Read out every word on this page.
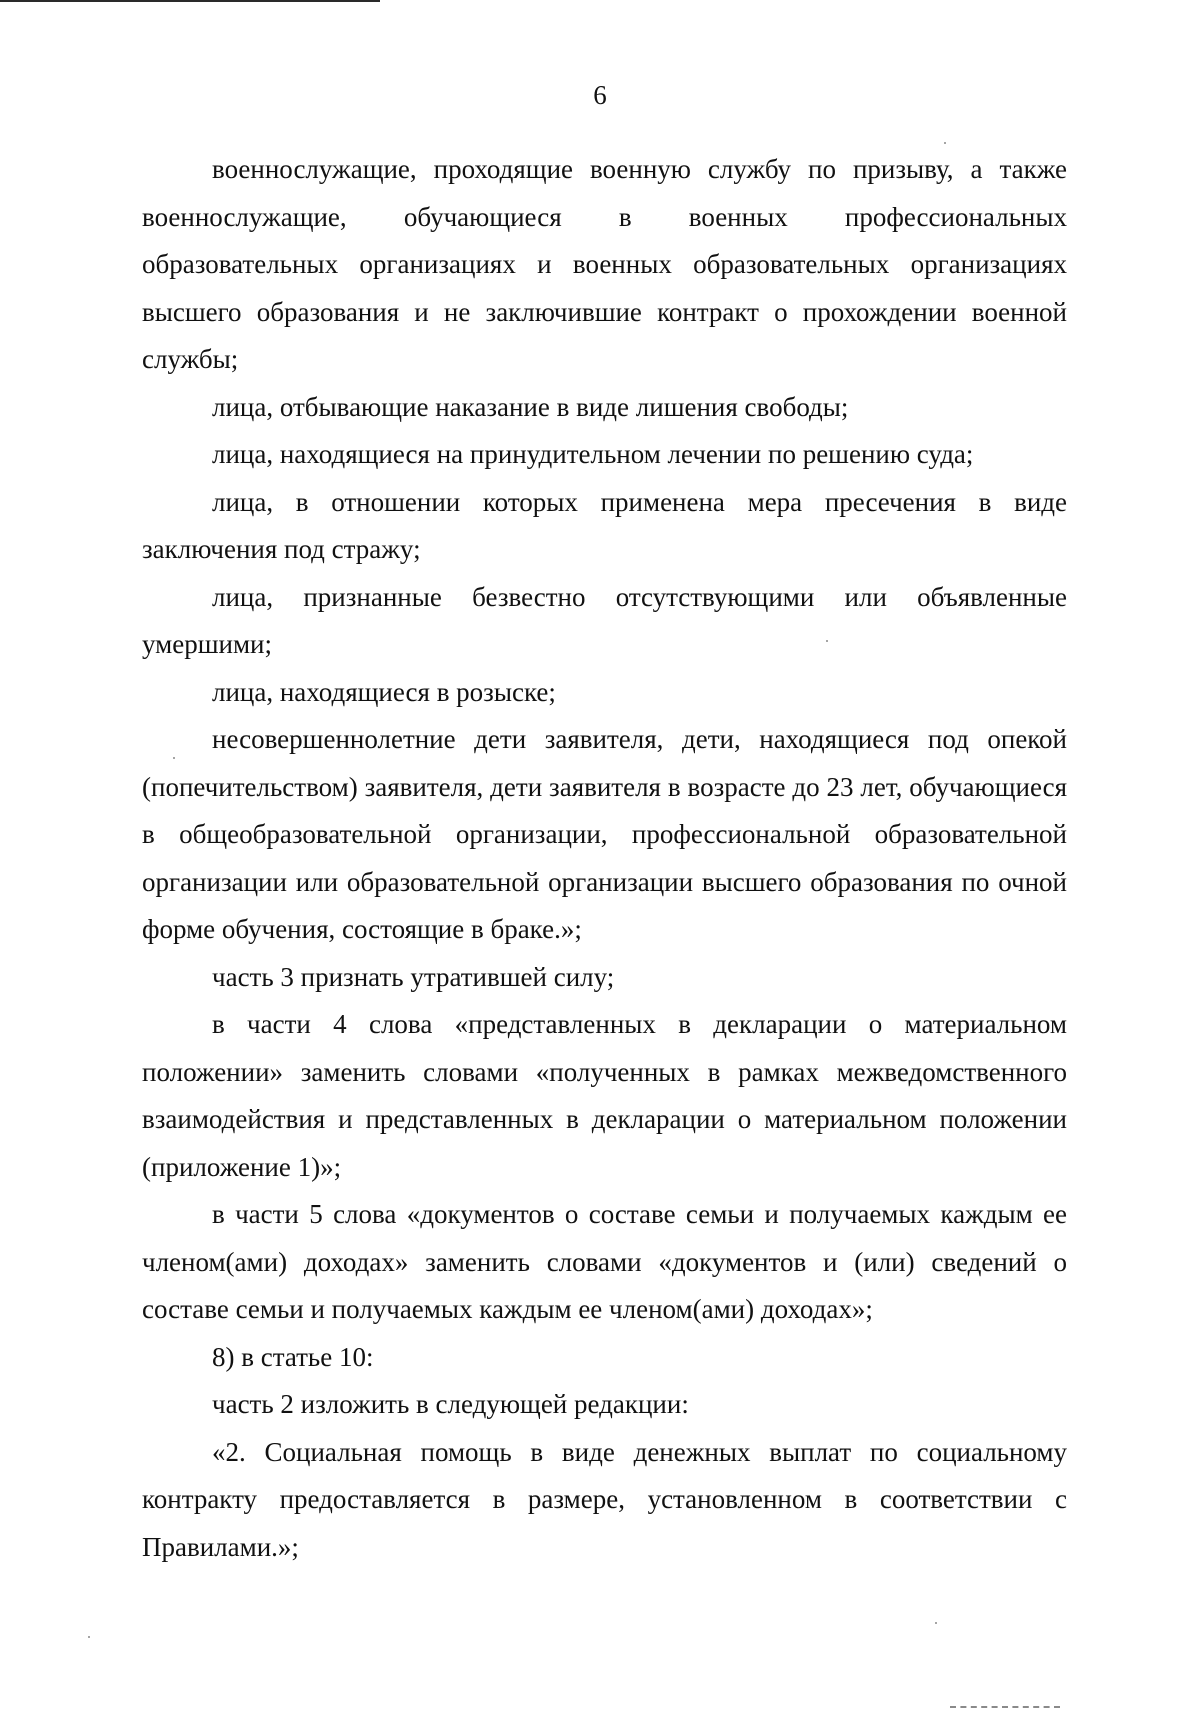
6

военнослужащие, проходящие военную службу по призыву, а также военнослужащие, обучающиеся в военных профессиональных образовательных организациях и военных образовательных организациях высшего образования и не заключившие контракт о прохождении военной службы;

лица, отбывающие наказание в виде лишения свободы;

лица, находящиеся на принудительном лечении по решению суда;

лица, в отношении которых применена мера пресечения в виде заключения под стражу;

лица, признанные безвестно отсутствующими или объявленные умершими;

лица, находящиеся в розыске;

несовершеннолетние дети заявителя, дети, находящиеся под опекой (попечительством) заявителя, дети заявителя в возрасте до 23 лет, обучающиеся в общеобразовательной организации, профессиональной образовательной организации или образовательной организации высшего образования по очной форме обучения, состоящие в браке.»;

часть 3 признать утратившей силу;

в части 4 слова «представленных в декларации о материальном положении» заменить словами «полученных в рамках межведомственного взаимодействия и представленных в декларации о материальном положении (приложение 1)»;

в части 5 слова «документов о составе семьи и получаемых каждым ее членом(ами) доходах» заменить словами «документов и (или) сведений о составе семьи и получаемых каждым ее членом(ами) доходах»;

8) в статье 10:

часть 2 изложить в следующей редакции:

«2. Социальная помощь в виде денежных выплат по социальному контракту предоставляется в размере, установленном в соответствии с Правилами.»;
